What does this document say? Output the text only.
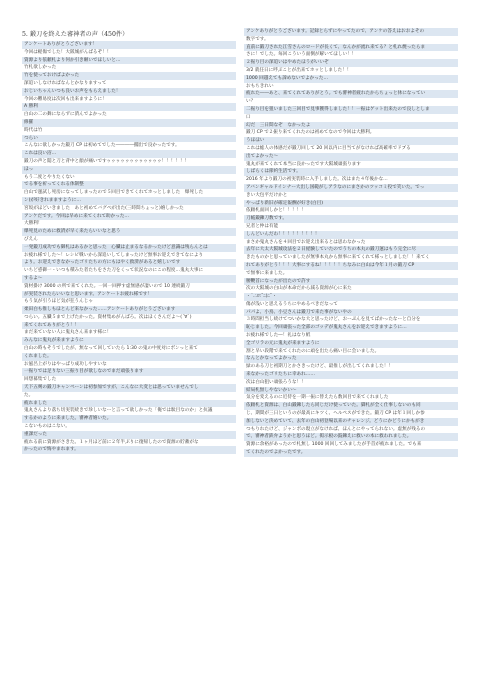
5. 鍛刀を終えた審神者の声（450件）
アンケートありがとうございます！
今回は軽傷でした！大阪城がんばるぞ！！
資源より依頼札より何か引き継いでほしいと…
竹札欲しかった
竹を使っておけばよかった
深追いしなければなんとかなりますって
おじいちゃんいつも良いお声をもらえました！
今回の難易度は次回も出来ますように！
A 勝利
白山の二の舞にならずに済んでよかった
修羅
時代は竹
つらい
こんなに欲しかった鍛刀 CP は初めてでした――――擱出で良かったです。
これは良い沼…
鍛刀の声と閲と刀と背中と顔が痛いですゥゥゥゥゥゥゥゥゥゥゥゥ！！！！！！
ほっ
もう二度とやりたくない
でる事を祈ってくれる体制整
白山で運試し死房になってしまったので５回目できてくれてホっとしました　爆死した
ン)が好きれまますように…
宮坂がほどいきました　あと初めてバグペが出た(三時間ちょっと)嬉しかった
アンケだです。今回は早めに来てくれて助かった…
大勝利！
爆死見のために救済が早く来たらいいなと思う
びえん
一発鍛刀成功でも御札はあるかと思った　心臓は止まるなるかったけど意識は残らんとは
お疲れ様でした～！レシピ戦いから深追いしてしまったけど無事お迎えできてなにより
より。お迎えできなかったゴリたちの方にもはやく救済があると嬉しいです
いちど惑御一・いつも積みた者たちをさた刀をくって状況なのにこの程度…鬼丸大事に
するよ～
資材掛け 3000 の所で来てくれた。一回一回押す虚無感が凄いので 10 連続鍛刀
が実装されたらいいなと思います。アンケートお疲れ様です！
もう気が引うほど気が狂うんじゃ
柔田白も推しもほとんど来なかった……アンケートありがとうございます
つらい。五臓５まで上げたかった。資材集めがんばろ。次はほくさんだよ〜(´∀`)
来てくれてありがとう！！
まだ来ていない人に鬼丸さん来ます様に！
みんなに鬼丸が来ますように
白山の時もそうでしたが、無なって回していたら 1:30 の鬼の中度対にボンっと来て
くれました。
お風呂上がりはやっぱり成功しやすいな
一振りでは足りない三振り目が欲しなのでまだ頑張ります
回想募集でした
天下五剣の鍛刀キャンペーンは初参加ですが、こんなに大変とは思っていませんでし
た。
疲れました
鬼丸さんより落ち切実装続きで珍しいなーと言って欲しかった「俺では駄目なのか」と抗議
するかのように来ました。審神者嬉いた。
こないものはこない。
重課だった
疲れる前に資源がさきた。１ヶ月ほど前に２年半ぶりに復帰したので資源の貯蓄がな
かったので悔やまれます。
アンケありがとうございます。記録とらずにやってたので、アンケの答えはおおよその
数字です。
直前に鍛刀された江雪さんのロードが長くて、なんかが流れ来てる？と札れ焼ったらま
さに！でした。毎回こういう面倒が解いてほしい！！
２振り目の深追いはやめたほうがいいぞ
3/2 就任日に呼ぶことが出来てホッとしました！！
1000 回越えても諦めないでよかった…
おもちきれい
疲れた――あと、来てくれてありがとう。でも審神者疲れたからちょっと休になってい
い？
二振り目を狙いました三回目で見事獲得しました！！一振はゲット出来たので良しとしま
口
幻だ　三日間なぞ　なかったよ
鍛刀 CP で２振り来てくれたのは初めてなので今回は大勝利。
うほほい
これは総人の体感だが鍛刀回して 20 回以内に目当てがなければ高確率でドブる
出てよかった～
鬼丸が来てくれて本当に良かったです大阪城頑張ります
しばらくは節約生活です。
2016 年より鍛刀の初実装時に入手しました。次はまた４年後かな…
アバンギャルドインナー大出し国範がしアラなのにまさかのツッコミ役で笑いた。でっ
きい大包平だけかと
やっぱり新旧が確定報酬が好き(白目)
依頼札面回しかと！！！！！
刀帳鍛錬刀数です。
兄者と仲は有能
しんどいんだわ！！！！！！！！！
まさか鬼丸さんを４回目でお迎え出来るとは思わなかった
去年に大太大阪城攻法を２日経験していたのでうちの本丸の鍛刀運はもう完全に尽
きたものかと思っていましたが無事本丸から無事に来てくれて様っとしました！！来てく
れてありがとう！！！大事にするね！！！！！ちなみに白山は今年１月の鍛刀 CP
で無事に来ました。
腰鞭首になったが出たので許す
次の大阪城の白山が本命だから減る資源が心に来た
・´.∴ﾛ:˘ﾆ)ﾆ˘・
傷が浅いと思えるうちにやめるべきだなって
パパよ、小鳥、小豆さんは鍛刀で来た事がないやの
３時間担当し続けてついかな大と思ったけど、おーぷんを見てばかったなーと自分を
恥じました。今回頑張った全部のゴッデが鬼丸さんをお迎えできますように…
お疲れ様でした―！礼はなり紙
全ゴリラの元に鬼丸が来ますように
割と早い段階で来てくれたのに頑を出たら痛い目に会いました。
なんとかなってよかった
緑のある刀と初期刀とかさきったけど、最推しが出してくれました！！
来なかったゴリたちに幸あれ……
次は白山狙い頑張ろうな！！
結局札無しやないかい～
気分を変えるのに近侍を一期一振に替えたら数回目で来てくれました
依頼札と資源は、白山鍛錬したら同じだけ使っていた。脚札が全く仕事しないのも同
じ、期間が三日というのが最高にキツく、ヘルペスができた。鍛刀 CP は年１回しか参
加しないと決めていて、去年の白山初登場以来のチャレンジ。どうにかどうにかもがき
つもりれたけど、ジャンボの現立がなければ、ほんとにやってられない。虚無が残るの
で、審神者鉄弁ようかと思うほど。掲示板の鼓錬えに救いの本に救われました。
資源に余裕があったので札無し 1000 回回してみましたが手首が疲れました。でも来
てくれたのでよかったです。
